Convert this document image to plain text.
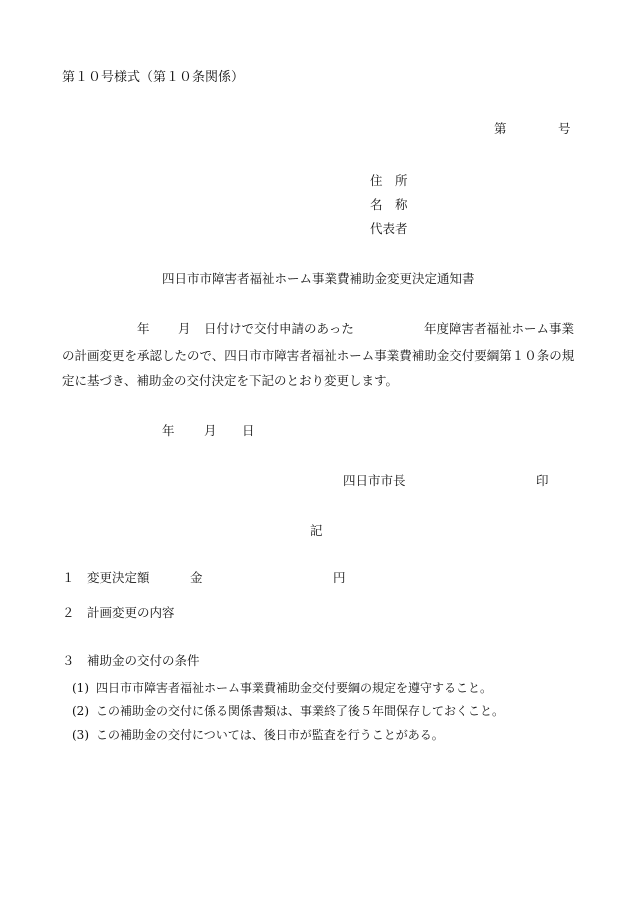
第１０号様式（第１０条関係）
第	号
住　所
名　称
代表者
四日市市障害者福祉ホーム事業費補助金変更決定通知書
年 月 日付けで交付申請のあった	年度障害者福祉ホーム事業
の計画変更を承認したので、四日市市障害者福祉ホーム事業費補助金交付要綱第１０条の規
定に基づき、補助金の交付決定を下記のとおり変更します。
年 月 日
四日市市長	印
記
１ 変更決定額	金	円
２ 計画変更の内容
３ 補助金の交付の条件
(1) 四日市市障害者福祉ホーム事業費補助金交付要綱の規定を遵守すること。
(2) この補助金の交付に係る関係書類は、事業終了後５年間保存しておくこと。
(3) この補助金の交付については、後日市が監査を行うことがある。
